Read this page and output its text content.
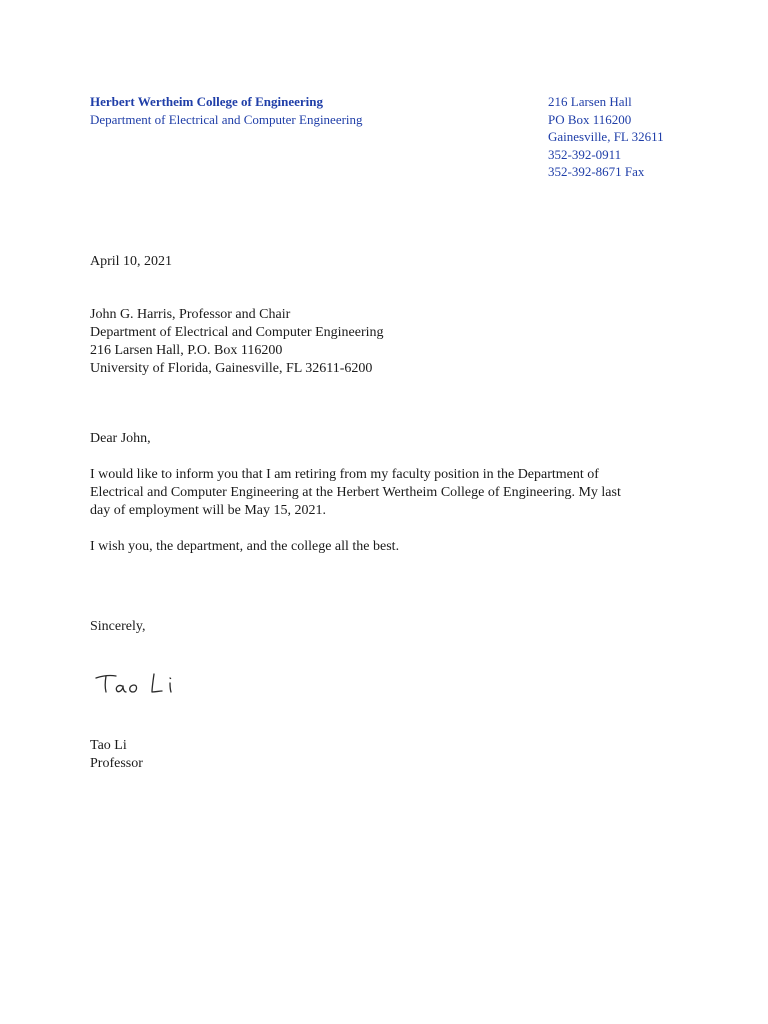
Herbert Wertheim College of Engineering
Department of Electrical and Computer Engineering
216 Larsen Hall
PO Box 116200
Gainesville, FL 32611
352-392-0911
352-392-8671 Fax
April 10, 2021
John G. Harris, Professor and Chair
Department of Electrical and Computer Engineering
216 Larsen Hall, P.O. Box 116200
University of Florida, Gainesville, FL 32611-6200
Dear John,
I would like to inform you that I am retiring from my faculty position in the Department of
Electrical and Computer Engineering at the Herbert Wertheim College of Engineering. My last
day of employment will be May 15, 2021.
I wish you, the department, and the college all the best.
Sincerely,
Tao Li
Professor
